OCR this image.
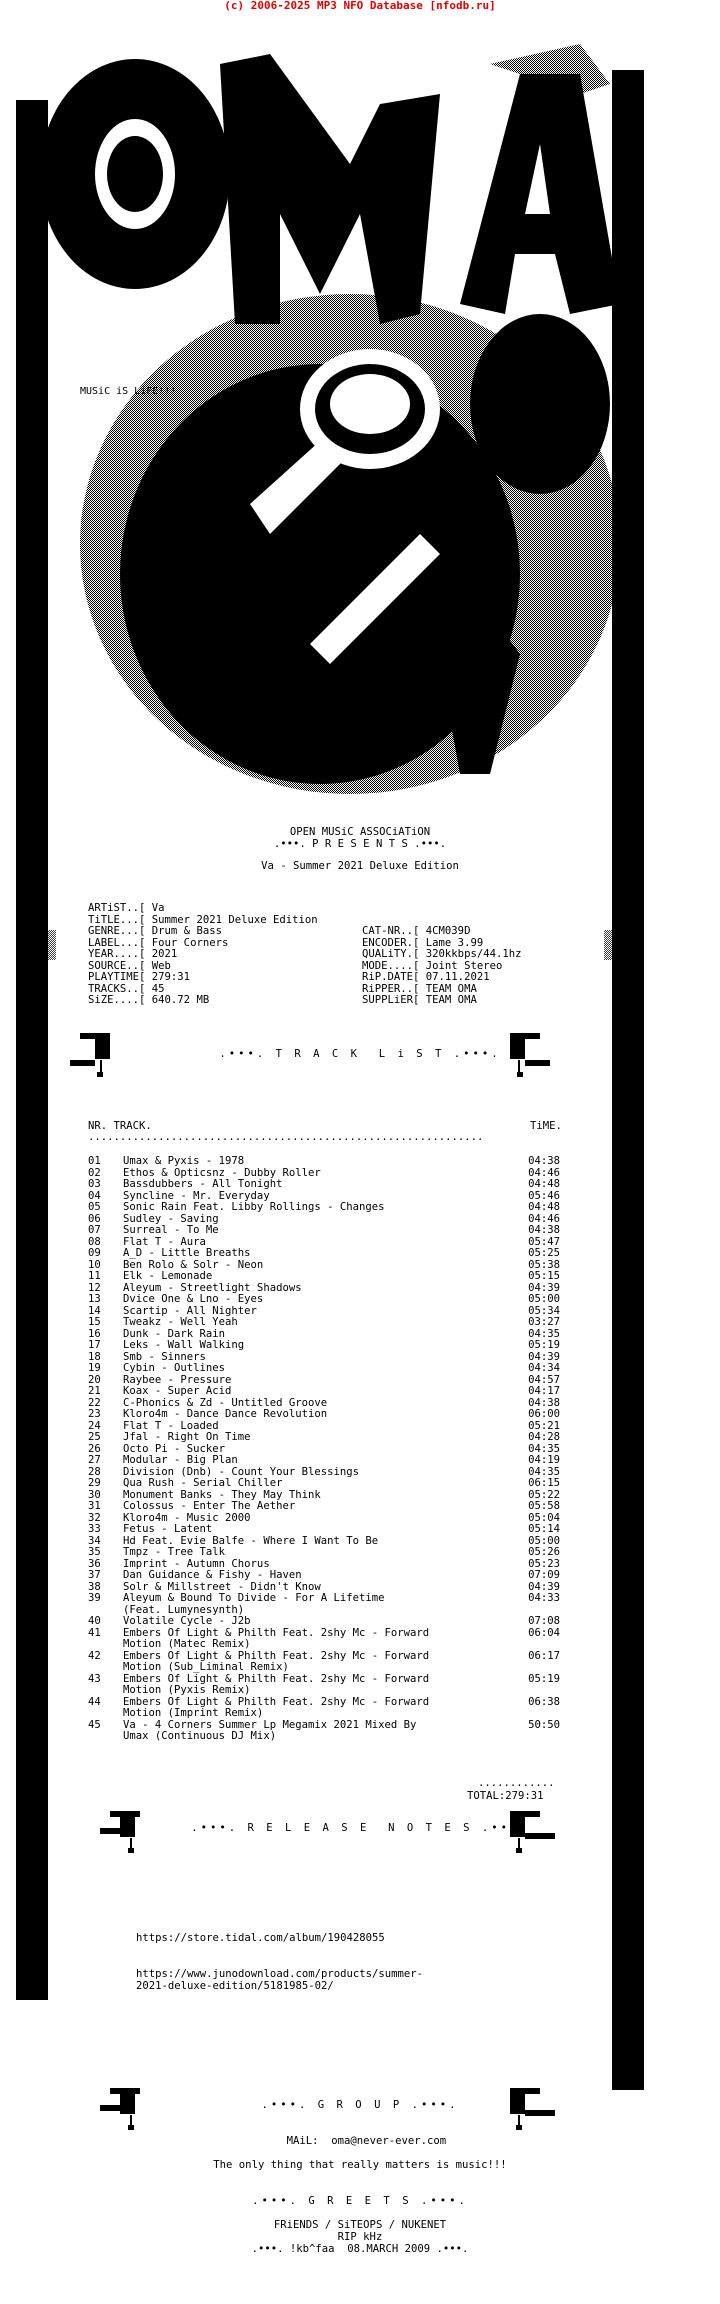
(c) 2006-2025 MP3 NFO Database [nfodb.ru]
MUSiC iS LiFE!!!
OPEN MUSiC ASSOCiATiON
.•••. P R E S E N T S .•••.
Va - Summer 2021 Deluxe Edition
ARTiST..[ Va
TiTLE...[ Summer 2021 Deluxe Edition
GENRE...[ Drum & Bass
LABEL...[ Four Corners
YEAR....[ 2021
SOURCE..[ Web
PLAYTIME[ 279:31
TRACKS..[ 45
SiZE....[ 640.72 MB
CAT-NR..[ 4CM039D
ENCODER.[ Lame 3.99
QUALiTY.[ 320kkbps/44.1hz
MODE....[ Joint Stereo
RiP.DATE[ 07.11.2021
RiPPER..[ TEAM OMA
SUPPLiER[ TEAM OMA
.•••. T R A C K  L i S T .•••.
NR. TRACK.	TiME.
..............................................................
01 Umax & Pyxis - 1978	04:38
02 Ethos & Opticsnz - Dubby Roller	04:46
03 Bassdubbers - All Tonight	04:48
04 Syncline - Mr. Everyday	05:46
05 Sonic Rain Feat. Libby Rollings - Changes	04:48
06 Sudley - Saving	04:46
07 Surreal - To Me	04:38
08 Flat T - Aura	05:47
09 A_D - Little Breaths	05:25
10 Ben Rolo & Solr - Neon	05:38
11 Elk - Lemonade	05:15
12 Aleyum - Streetlight Shadows	04:39
13 Dvice One & Lno - Eyes	05:00
14 Scartip - All Nighter	05:34
15 Tweakz - Well Yeah	03:27
16 Dunk - Dark Rain	04:35
17 Leks - Wall Walking	05:19
18 Smb - Sinners	04:39
19 Cybin - Outlines	04:34
20 Raybee - Pressure	04:57
21 Koax - Super Acid	04:17
22 C-Phonics & Zd - Untitled Groove	04:38
23 Kloro4m - Dance Dance Revolution	06:00
24 Flat T - Loaded	05:21
25 Jfal - Right On Time	04:28
26 Octo Pi - Sucker	04:35
27 Modular - Big Plan	04:19
28 Division (Dnb) - Count Your Blessings	04:35
29 Qua Rush - Serial Chiller	06:15
30 Monument Banks - They May Think	05:22
31 Colossus - Enter The Aether	05:58
32 Kloro4m - Music 2000	05:04
33 Fetus - Latent	05:14
34 Hd Feat. Evie Balfe - Where I Want To Be	05:00
35 Tmpz - Tree Talk	05:26
36 Imprint - Autumn Chorus	05:23
37 Dan Guidance & Fishy - Haven	07:09
38 Solr & Millstreet - Didn't Know	04:39
39 Aleyum & Bound To Divide - For A Lifetime	04:33
(Feat. Lumynesynth)
40 Volatile Cycle - J2b	07:08
41 Embers Of Light & Philth Feat. 2shy Mc - Forward	06:04
Motion (Matec Remix)
42 Embers Of Light & Philth Feat. 2shy Mc - Forward	06:17
Motion (Sub_Liminal Remix)
43 Embers Of Light & Philth Feat. 2shy Mc - Forward	05:19
Motion (Pyxis Remix)
44 Embers Of Light & Philth Feat. 2shy Mc - Forward	06:38
Motion (Imprint Remix)
45 Va - 4 Corners Summer Lp Megamix 2021 Mixed By	50:50
Umax (Continuous DJ Mix)
............
TOTAL:279:31
.•••. R E L E A S E  N O T E S .•••.
https://store.tidal.com/album/190428055
https://www.junodownload.com/products/summer-
2021-deluxe-edition/5181985-02/
.•••. G R O U P .•••.

MAiL: oma@never-ever.com

The only thing that really matters is music!!!
.•••. G R E E T S .•••.
FRiENDS / SiTEOPS / NUKENET
RIP kHz
.•••. !kb^faa  08.MARCH 2009 .•••.
